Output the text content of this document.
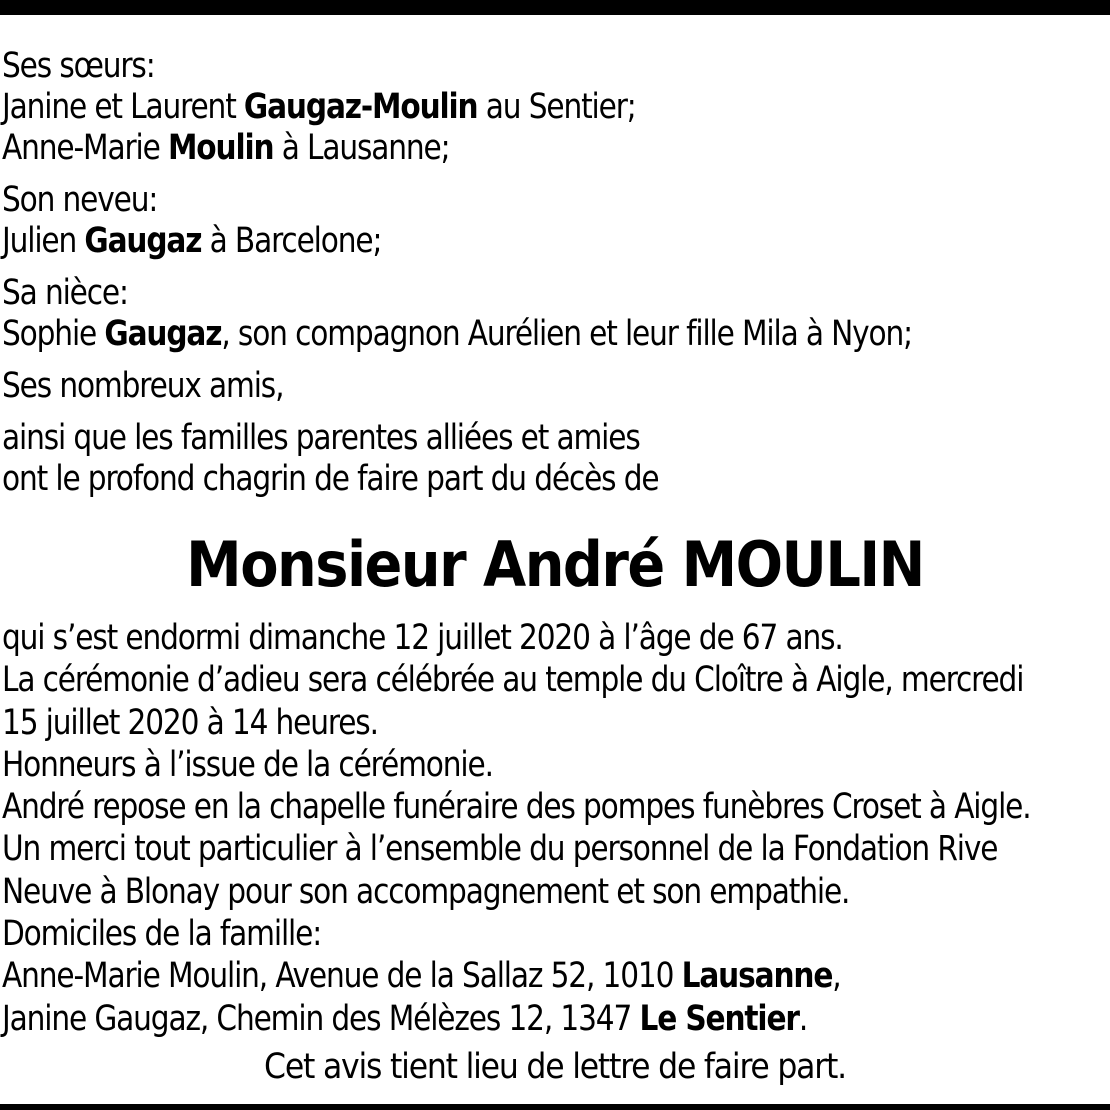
Ses sœurs:

Janine et Laurent Gaugaz-Moulin au Sentier;

Anne-Marie Moulin à Lausanne;

Son neveu:

Julien Gaugaz à Barcelone;

Sa nièce:

Sophie Gaugaz, son compagnon Aurélien et leur fille Mila à Nyon;

Ses nombreux amis,

ainsi que les familles parentes alliées et amies

ont le profond chagrin de faire part du décès de

Monsieur André MOULIN

qui s’est endormi dimanche 12 juillet 2020 à l’âge de 67 ans.

La cérémonie d’adieu sera célébrée au temple du Cloître à Aigle, mercredi

15 juillet 2020 à 14 heures.

Honneurs à l’issue de la cérémonie.

André repose en la chapelle funéraire des pompes funèbres Croset à Aigle.

Un merci tout particulier à l’ensemble du personnel de la Fondation Rive

Neuve à Blonay pour son accompagnement et son empathie.

Domiciles de la famille:

Anne-Marie Moulin, Avenue de la Sallaz 52, 1010 Lausanne,

Janine Gaugaz, Chemin des Mélèzes 12, 1347 Le Sentier.

Cet avis tient lieu de lettre de faire part.
